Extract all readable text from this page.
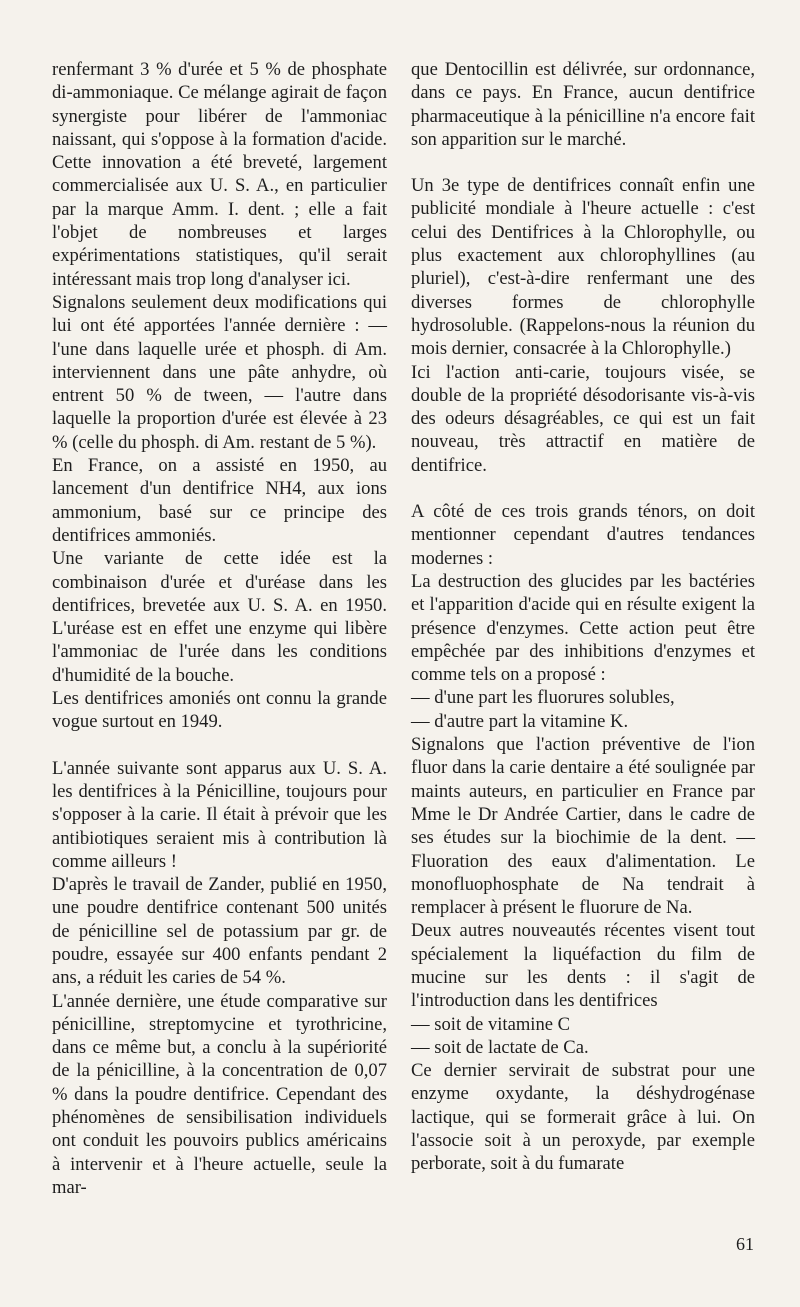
renfermant 3 % d'urée et 5 % de phosphate di-ammoniaque. Ce mélange agirait de façon synergiste pour libérer de l'ammoniac naissant, qui s'oppose à la formation d'acide. Cette innovation a été breveté, largement commercialisée aux U. S. A., en particulier par la marque Amm. I. dent. ; elle a fait l'objet de nombreuses et larges expérimentations statistiques, qu'il serait intéressant mais trop long d'analyser ici.

Signalons seulement deux modifications qui lui ont été apportées l'année dernière : — l'une dans laquelle urée et phosph. di Am. interviennent dans une pâte anhydre, où entrent 50 % de tween, — l'autre dans laquelle la proportion d'urée est élevée à 23 % (celle du phosph. di Am. restant de 5 %).

En France, on a assisté en 1950, au lancement d'un dentifrice NH4, aux ions ammonium, basé sur ce principe des dentifrices ammoniés.

Une variante de cette idée est la combinaison d'urée et d'uréase dans les dentifrices, brevetée aux U. S. A. en 1950. L'uréase est en effet une enzyme qui libère l'ammoniac de l'urée dans les conditions d'humidité de la bouche.

Les dentifrices amoniés ont connu la grande vogue surtout en 1949.

L'année suivante sont apparus aux U. S. A. les dentifrices à la Pénicilline, toujours pour s'opposer à la carie. Il était à prévoir que les antibiotiques seraient mis à contribution là comme ailleurs !

D'après le travail de Zander, publié en 1950, une poudre dentifrice contenant 500 unités de pénicilline sel de potassium par gr. de poudre, essayée sur 400 enfants pendant 2 ans, a réduit les caries de 54 %.

L'année dernière, une étude comparative sur pénicilline, streptomycine et tyrothricine, dans ce même but, a conclu à la supériorité de la pénicilline, à la concentration de 0,07 % dans la poudre dentifrice. Cependant des phénomènes de sensibilisation individuels ont conduit les pouvoirs publics américains à intervenir et à l'heure actuelle, seule la mar-

que Dentocillin est délivrée, sur ordonnance, dans ce pays. En France, aucun dentifrice pharmaceutique à la pénicilline n'a encore fait son apparition sur le marché.

Un 3e type de dentifrices connaît enfin une publicité mondiale à l'heure actuelle : c'est celui des Dentifrices à la Chlorophylle, ou plus exactement aux chlorophyllines (au pluriel), c'est-à-dire renfermant une des diverses formes de chlorophylle hydrosoluble. (Rappelons-nous la réunion du mois dernier, consacrée à la Chlorophylle.)

Ici l'action anti-carie, toujours visée, se double de la propriété désodorisante vis-à-vis des odeurs désagréables, ce qui est un fait nouveau, très attractif en matière de dentifrice.

A côté de ces trois grands ténors, on doit mentionner cependant d'autres tendances modernes :

La destruction des glucides par les bactéries et l'apparition d'acide qui en résulte exigent la présence d'enzymes. Cette action peut être empêchée par des inhibitions d'enzymes et comme tels on a proposé :

— d'une part les fluorures solubles,

— d'autre part la vitamine K.

Signalons que l'action préventive de l'ion fluor dans la carie dentaire a été soulignée par maints auteurs, en particulier en France par Mme le Dr Andrée Cartier, dans le cadre de ses études sur la biochimie de la dent. — Fluoration des eaux d'alimentation. Le monofluophosphate de Na tendrait à remplacer à présent le fluorure de Na.

Deux autres nouveautés récentes visent tout spécialement la liquéfaction du film de mucine sur les dents : il s'agit de l'introduction dans les dentifrices

— soit de vitamine C

— soit de lactate de Ca.

Ce dernier servirait de substrat pour une enzyme oxydante, la déshydrogénase lactique, qui se formerait grâce à lui. On l'associe soit à un peroxyde, par exemple perborate, soit à du fumarate

61
